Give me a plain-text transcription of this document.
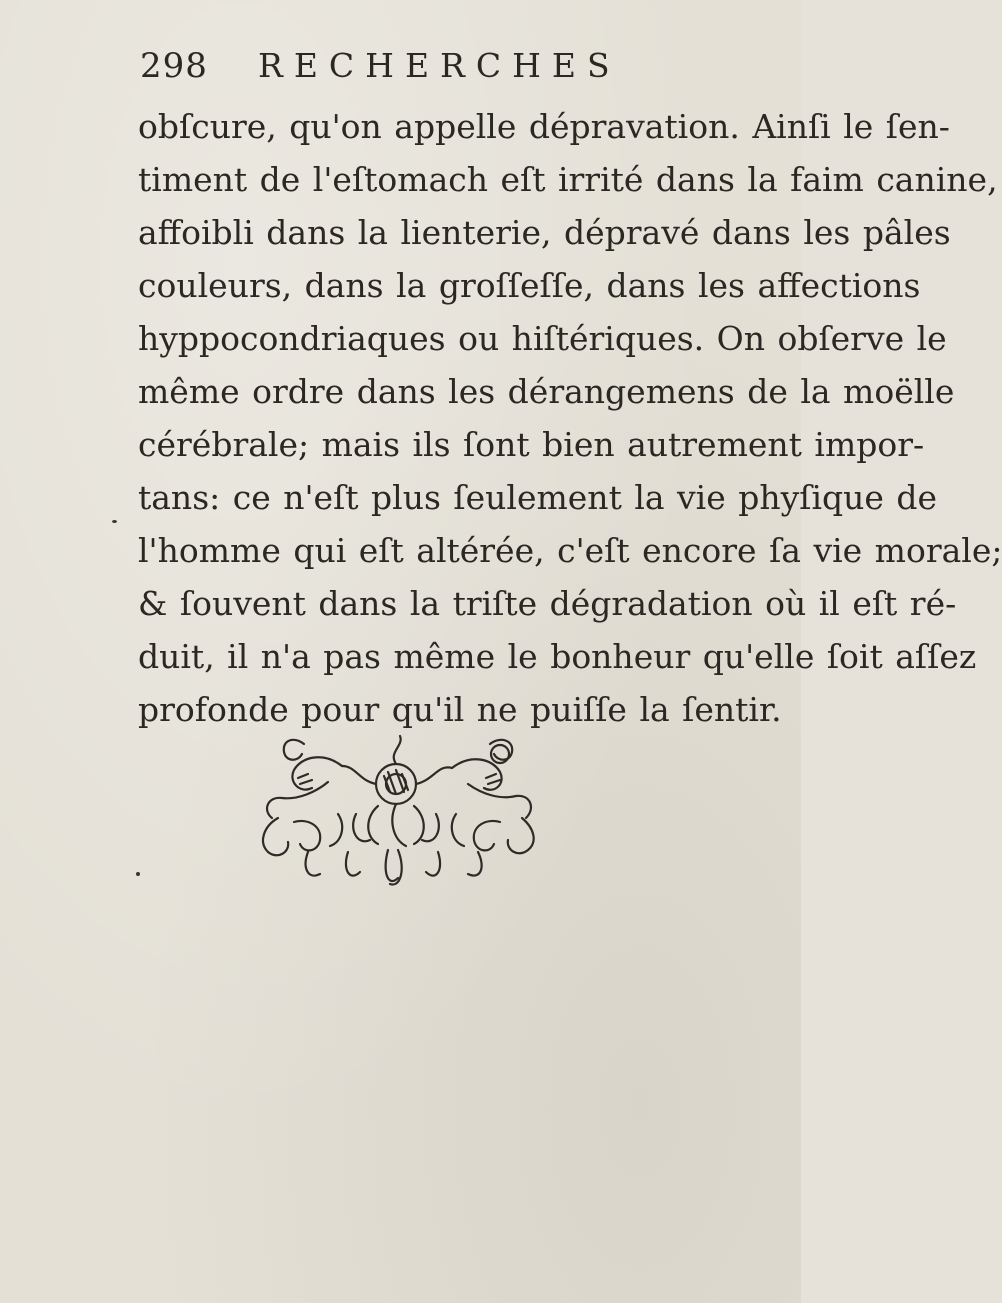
298 RECHERCHES
obſcure, qu'on appelle dépravation. Ainſi le ſen-
timent de l'eſtomach eſt irrité dans la faim canine,
affoibli dans la lienterie, dépravé dans les pâles
couleurs, dans la groſſeſſe, dans les affections
hyppocondriaques ou hiſtériques. On obſerve le
même ordre dans les dérangemens de la moëlle
cérébrale; mais ils ſont bien autrement impor-
tans: ce n'eſt plus ſeulement la vie phyſique de
l'homme qui eſt altérée, c'eſt encore ſa vie morale;
& ſouvent dans la triſte dégradation où il eſt ré-
duit, il n'a pas même le bonheur qu'elle ſoit aſſez
profonde pour qu'il ne puiſſe la ſentir.
